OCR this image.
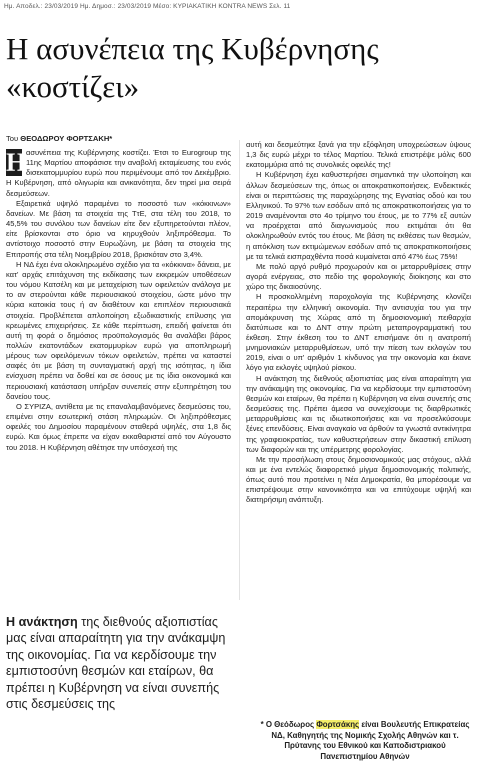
Ημ. Αποδελ.: 23/03/2019 Ημ. Δημοσ.: 23/03/2019 Μέσο: ΚΥΡΙΑΚΑΤΙΚΗ ΚΟΝΤRA NEWS Σελ. 11
Η ασυνέπεια της Κυβέρνησης «κοστίζει»
Του ΘΕΟΔΩΡΟΥ ΦΟΡΤΣΑΚΗ*
Η ασυνέπεια της Κυβέρνησης κοστίζει. Έτσι το Eurogroup της 11ης Μαρτίου αποφάσισε την αναβολή εκταμίευσης του ενός δισεκατομμυρίου ευρώ που περιμένουμε από τον Δεκέμβριο. Η Κυβέρνηση, από ολιγωρία και ανικανότητα, δεν τηρεί μια σειρά δεσμεύσεων.

Εξαιρετικά υψηλό παραμένει το ποσοστό των «κόκκινων» δανείων. Με βάση τα στοιχεία της ΤτΕ, στα τέλη του 2018, το 45,5% του συνόλου των δανείων είτε δεν εξυπηρετούνται πλέον, είτε βρίσκονται στο όριο να κηρυχθούν ληξιπρόθεσμα. Το αντίστοιχο ποσοστό στην Ευρωζώνη, με βάση τα στοιχεία της Επιτροπής στα τέλη Νοεμβρίου 2018, βρισκόταν στο 3,4%.

Η ΝΔ έχει ένα ολοκληρωμένο σχέδιο για τα «κόκκινα» δάνεια, με κατ' αρχάς επιτάχυνση της εκδίκασης των εκκρεμών υποθέσεων του νόμου Κατσέλη και με μεταχείριση των οφειλετών ανάλογα με το αν στερούνται κάθε περιουσιακού στοιχείου, ώστε μόνο την κύρια κατοικία τους ή αν διαθέτουν και επιπλέον περιουσιακά στοιχεία. Προβλέπεται απλοποίηση εξωδικαστικής επίλυσης για κρεωμένες επιχειρήσεις. Σε κάθε περίπτωση, επειδή φαίνεται ότι αυτή τη φορά ο δημόσιος προϋπολογισμός θα αναλάβει βάρος πολλών εκατοντάδων εκατομμυρίων ευρώ για αποπληρωμή μέρους των οφειλόμενων τόκων οφειλετών, πρέπει να καταστεί σαφές ότι με βάση τη συνταγματική αρχή της ισότητας, η ίδια ενίσχυση πρέπει να δοθεί και σε όσους με τις ίδια οικονομικά και περιουσιακή κατάσταση υπήρξαν συνεπείς στην εξυπηρέτηση του δανείου τους.

Ο ΣΥΡΙΖΑ, αντίθετα με τις επαναλαμβανόμενες δεσμεύσεις του, επιμένει στην εσωτερική στάση πληρωμών. Οι ληξιπρόθεσμες οφειλές του Δημοσίου παραμένουν σταθερά υψηλές, στα 1,8 δις ευρώ. Και όμως έπρεπε να είχαν εκκαθαριστεί από τον Αύγουστο του 2018. Η Κυβέρνηση αθέτησε την υπόσχεσή της

αυτή και δεσμεύτηκε ξανά για την εξόφληση υποχρεώσεων ύψους 1,3 δις ευρώ μέχρι το τέλος Μαρτίου. Τελικά επιστρέψε μόλις 600 εκατομμύρια από τις συνολικές οφειλές της!

Η Κυβέρνηση έχει καθυστερήσει σημαντικά την υλοποίηση και άλλων δεσμεύσεων της, όπως οι αποκρατικοποιήσεις. Ενδεικτικές είναι οι περιπτώσεις της παραχώρησης της Εγνατίας οδού και του Ελληνικού. Το 97% των εσόδων από τις αποκρατικοποιήσεις για το 2019 αναμένονται στο 4ο τρίμηνο του έτους, με το 77% εξ αυτών να προέρχεται από διαγωνισμούς που εκτιμάται ότι θα ολοκληρωθούν εντός του έτους. Με βάση τις εκθέσεις των θεσμών, η απόκλιση των εκτιμώμενων εσόδων από τις αποκρατικοποιήσεις με τα τελικά εισπραχθέντα ποσά κυμαίνεται από 47% έως 75%!

Με πολύ αργό ρυθμό προχωρούν και οι μεταρρυθμίσεις στην αγορά ενέργειας, στο πεδίο της φορολογικής διοίκησης και στο χώρο της δικαιοσύνης.

Η προσκολλημένη παροχολογία της Κυβέρνησης κλονίζει περαιτέρω την ελληνική οικονομία. Την αντισυχία του για την απομάκρυνση της Χώρας από τη δημοσιονομική πειθαρχία διατύπωσε και το ΔΝΤ στην πρώτη μεταπρογραμματική του έκθεση. Στην έκθεση του το ΔΝΤ επισήμανε ότι η ανατροπή μνημονιακών μεταρρυθμίσεων, υπό την πίεση των εκλογών του 2019, είναι ο υπ' αριθμόν 1 κίνδυνος για την οικονομία και έκανε λόγο για εκλογές υψηλού ρίσκου.

Η ανάκτηση της διεθνούς αξιοπιστίας μας είναι απαραίτητη για την ανάκαμψη της οικονομίας. Για να κερδίσουμε την εμπιστοσύνη θεσμών και εταίρων, θα πρέπει η Κυβέρνηση να είναι συνεπής στις δεσμεύσεις της. Πρέπει άμεσα να συνεχίσουμε τις διαρθρωτικές μεταρρυθμίσεις και τις ιδιωτικοποιήσεις και να προσελκύσουμε ξένες επενδύσεις. Είναι αναγκαίο να άρθούν τα γνωστά αντικίνητρα της γραφειοκρατίας, των καθυστερήσεων στην δικαστική επίλυση των διαφορών και της υπέρμετρης φορολογίας.

Με την προσήλωση στους δημοσιονομικούς μας στόχους, αλλά και με ένα εντελώς διαφορετικό μίγμα δημοσιονομικής πολιτικής, όπως αυτό που προτείνει η Νέα Δημοκρατία, θα μπορέσουμε να επιστρέψουμε στην κανονικότητα και να επιτύχουμε υψηλή και διατηρήσιμη ανάπτυξη.

Η ανάκτηση της διεθνούς αξιοπιστίας μας είναι απαραίτητη για την ανάκαμψη της οικονομίας. Για να κερδίσουμε την εμπιστοσύνη θεσμών και εταίρων, θα πρέπει η Κυβέρνηση να είναι συνεπής στις δεσμεύσεις της

* Ο Θεόδωρος Φορτσάκης είναι Βουλευτής Επικρατείας ΝΔ, Καθηγητής της Νομικής Σχολής Αθηνών και τ. Πρύτανης του Εθνικού και Καποδιστριακού Πανεπιστημίου Αθηνών
